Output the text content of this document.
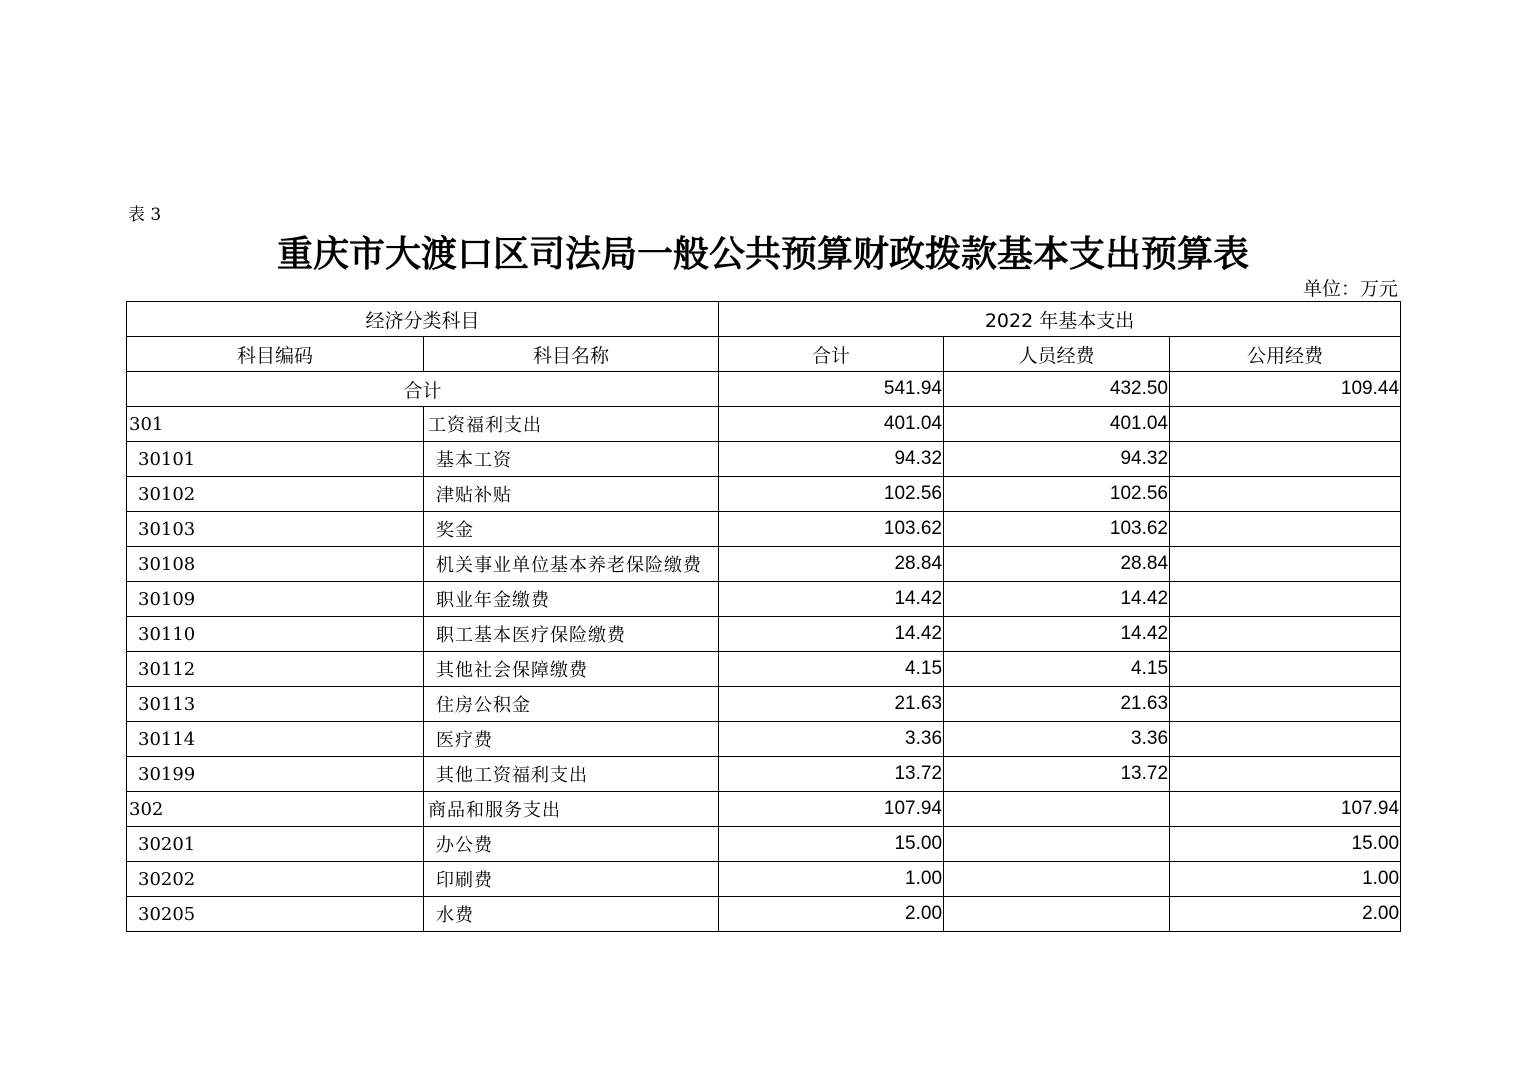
表 3
重庆市大渡口区司法局一般公共预算财政拨款基本支出预算表
单位：万元
经济分类科目		2022 年基本支出		
科目编码	科目名称	合计	人员经费	公用经费
合计		541.94	432.50	109.44
301	工资福利支出	401.04	401.04	
30101	基本工资	94.32	94.32	
30102	津贴补贴	102.56	102.56	
30103	奖金	103.62	103.62	
30108	机关事业单位基本养老保险缴费	28.84	28.84	
30109	职业年金缴费	14.42	14.42	
30110	职工基本医疗保险缴费	14.42	14.42	
30112	其他社会保障缴费	4.15	4.15	
30113	住房公积金	21.63	21.63	
30114	医疗费	3.36	3.36	
30199	其他工资福利支出	13.72	13.72	
302	商品和服务支出	107.94		107.94
30201	办公费	15.00		15.00
30202	印刷费	1.00		1.00
30205	水费	2.00		2.00
